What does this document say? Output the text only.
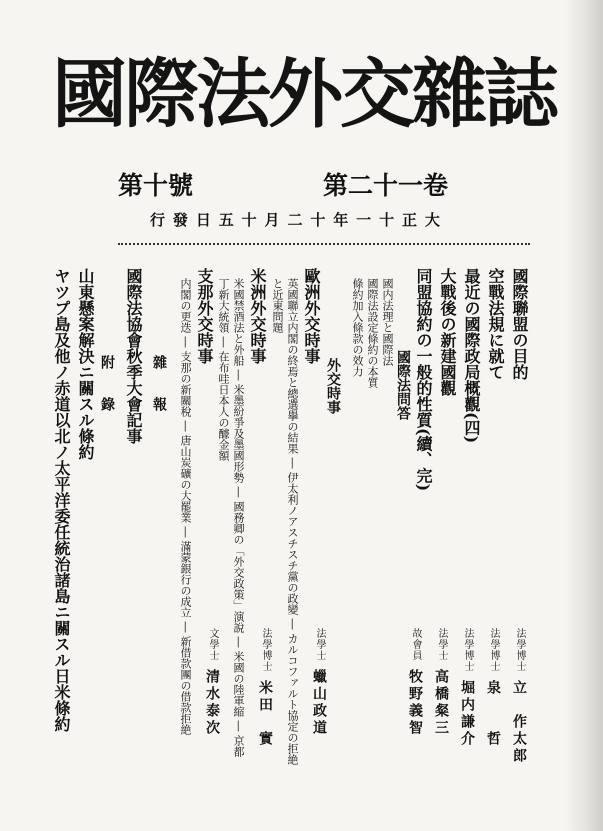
國際法外交雜誌
第十號	第二十一卷
行 發 日 五 十 月 二 十 年 一 十 正 大
國際聯盟の目的
法學博士立　作太郎
空戰法規に就て
法學博士泉　　哲
最近の國際政局概觀(四)
法學博士堀内謙介
大戰後の新建國觀
法學士高橋粲三
同盟協約の一般的性質(續、完)
故會員牧野義智
國際法問答
國内法理と國際法
國際法設定條約の本質
條約加入條款の效力
外交時事
歐洲外交時事
英國聯立内閣の終焉と總選擧の結果 ― 伊太利ノアスチスチ黨の政變 ― カルコファルト協定の拒絶
と近東問題
法學士蠟山政道
米洲外交時事
米國禁酒法と外船 ― 米墨紛爭及墨國形勢 ― 國務卿の「外交政策」演說 ― 米國の陸軍縮 ― 京都
丁新大統領 ― 在布哇日本人の醵金額
法學博士米田　實
支那外交時事
内閣の更迭 ― 支那の新關稅 ― 唐山炭礦の大罷業 ― 滿蒙銀行の成立 ― 新借款團の借款拒絶 文學士清水泰次
雜　　報
國際法協會秋季大會記事
附　　錄
山東懸案解決ニ關スル條約
ヤツプ島及他ノ赤道以北ノ太平洋委任統治諸島ニ關スル日米條約
